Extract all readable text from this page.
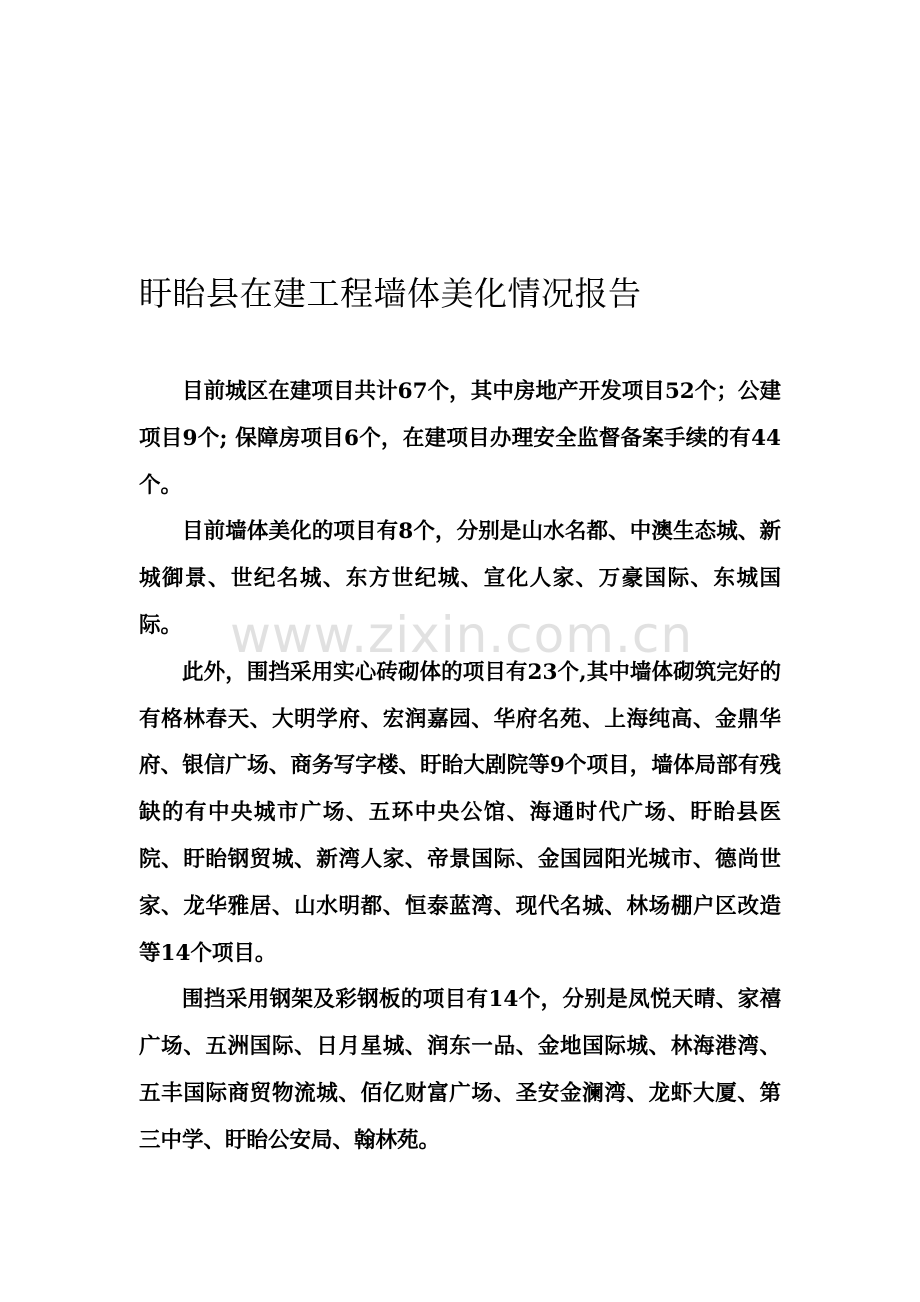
盱眙县在建工程墙体美化情况报告

目前城区在建项目共计67个，其中房地产开发项目52个；公建项目9个; 保障房项目6个，在建项目办理安全监督备案手续的有44个。

目前墙体美化的项目有8个，分别是山水名都、中澳生态城、新城御景、世纪名城、东方世纪城、宣化人家、万豪国际、东城国际。

此外，围挡采用实心砖砌体的项目有23个,其中墙体砌筑完好的有格林春天、大明学府、宏润嘉园、华府名苑、上海纯高、金鼎华府、银信广场、商务写字楼、盱眙大剧院等9个项目，墙体局部有残缺的有中央城市广场、五环中央公馆、海通时代广场、盱眙县医院、盱眙钢贸城、新湾人家、帝景国际、金国园阳光城市、德尚世家、龙华雅居、山水明都、恒泰蓝湾、现代名城、林场棚户区改造等14个项目。

围挡采用钢架及彩钢板的项目有14个，分别是凤悦天晴、家禧广场、五洲国际、日月星城、润东一品、金地国际城、林海港湾、五丰国际商贸物流城、佰亿财富广场、圣安金澜湾、龙虾大厦、第三中学、盱眙公安局、翰林苑。

www.zixin.com.cn
